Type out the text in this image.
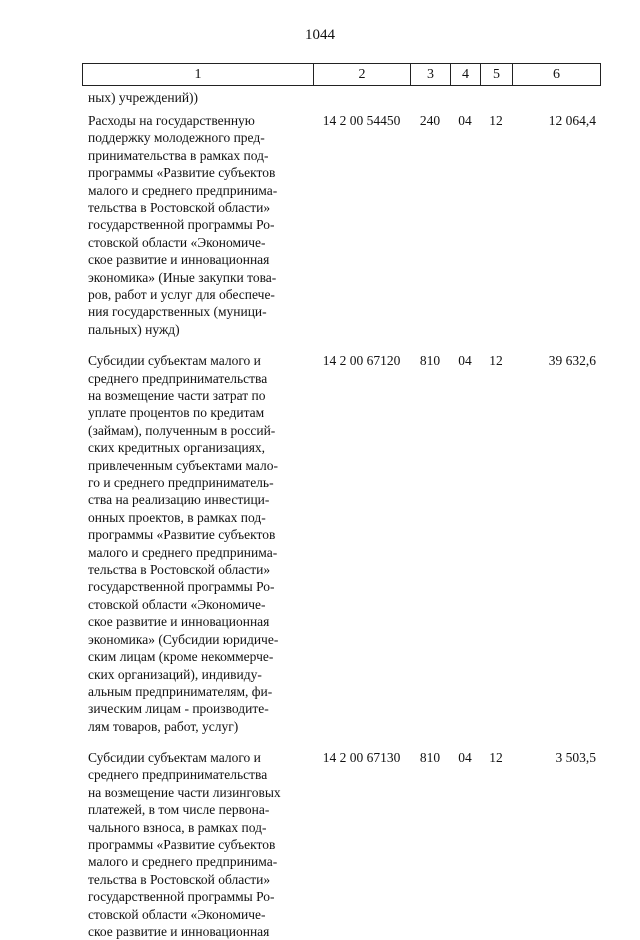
1044
1	2	3	4	5	6
ных) учреждений))
Расходы на государственную
поддержку молодежного пред-
принимательства в рамках под-
программы «Развитие субъектов
малого и среднего предпринима-
тельства в Ростовской области»
государственной программы Ро-
стовской области «Экономиче-
ское развитие и инновационная
экономика» (Иные закупки това-
ров, работ и услуг для обеспече-
ния государственных (муници-
пальных) нужд)
14 2 00 54450	240	04	12	12 064,4
Субсидии субъектам малого и
среднего предпринимательства
на возмещение части затрат по
уплате процентов по кредитам
(займам), полученным в россий-
ских кредитных организациях,
привлеченным субъектами мало-
го и среднего предприниматель-
ства на реализацию инвестици-
онных проектов, в рамках под-
программы «Развитие субъектов
малого и среднего предпринима-
тельства в Ростовской области»
государственной программы Ро-
стовской области «Экономиче-
ское развитие и инновационная
экономика» (Субсидии юридиче-
ским лицам (кроме некоммерче-
ских организаций), индивиду-
альным предпринимателям, фи-
зическим лицам - производите-
лям товаров, работ, услуг)
14 2 00 67120	810	04	12	39 632,6
Субсидии субъектам малого и
среднего предпринимательства
на возмещение части лизинговых
платежей, в том числе первона-
чального взноса, в рамках под-
программы «Развитие субъектов
малого и среднего предпринима-
тельства в Ростовской области»
государственной программы Ро-
стовской области «Экономиче-
ское развитие и инновационная
14 2 00 67130	810	04	12	3 503,5
